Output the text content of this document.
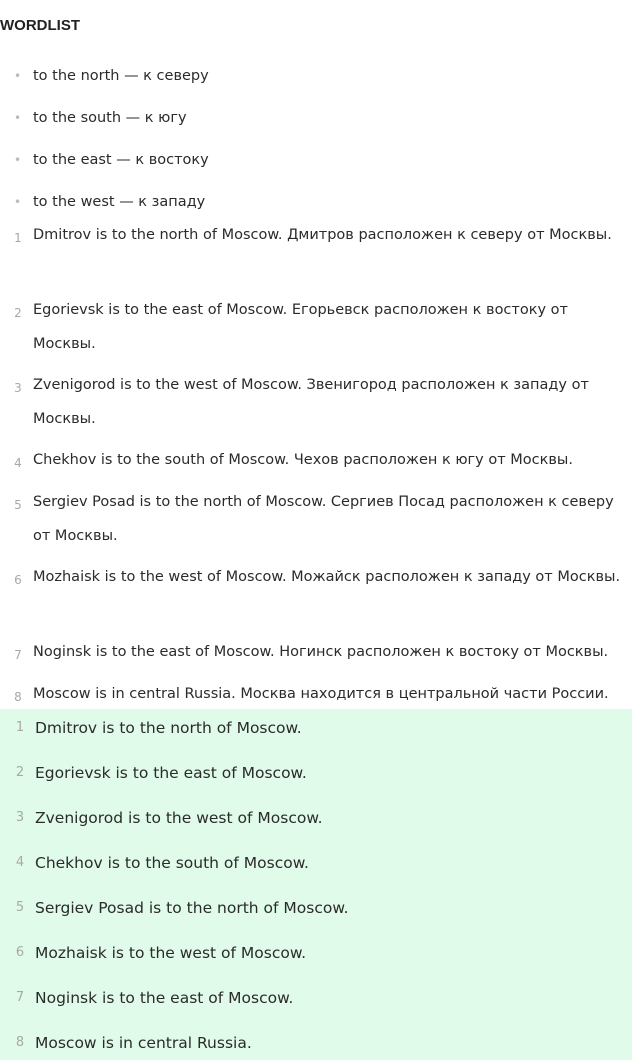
WORDLIST
• to the north — к северу
• to the south — к югу
• to the east — к востоку
• to the west — к западу
1 Dmitrov is to the north of Moscow. Дмитров расположен к северу от Москвы.
2 Egorievsk is to the east of Moscow. Егорьевск расположен к востоку от Москвы.
3 Zvenigorod is to the west of Moscow. Звенигород расположен к западу от Москвы.
4 Chekhov is to the south of Moscow. Чехов расположен к югу от Москвы.
5 Sergiev Posad is to the north of Moscow. Сергиев Посад расположен к северу от Москвы.
6 Mozhaisk is to the west of Moscow. Можайск расположен к западу от Москвы.
7 Noginsk is to the east of Moscow. Ногинск расположен к востоку от Москвы.
8 Moscow is in central Russia. Москва находится в центральной части России.
1 Dmitrov is to the north of Moscow.
2 Egorievsk is to the east of Moscow.
3 Zvenigorod is to the west of Moscow.
4 Chekhov is to the south of Moscow.
5 Sergiev Posad is to the north of Moscow.
6 Mozhaisk is to the west of Moscow.
7 Noginsk is to the east of Moscow.
8 Moscow is in central Russia.
